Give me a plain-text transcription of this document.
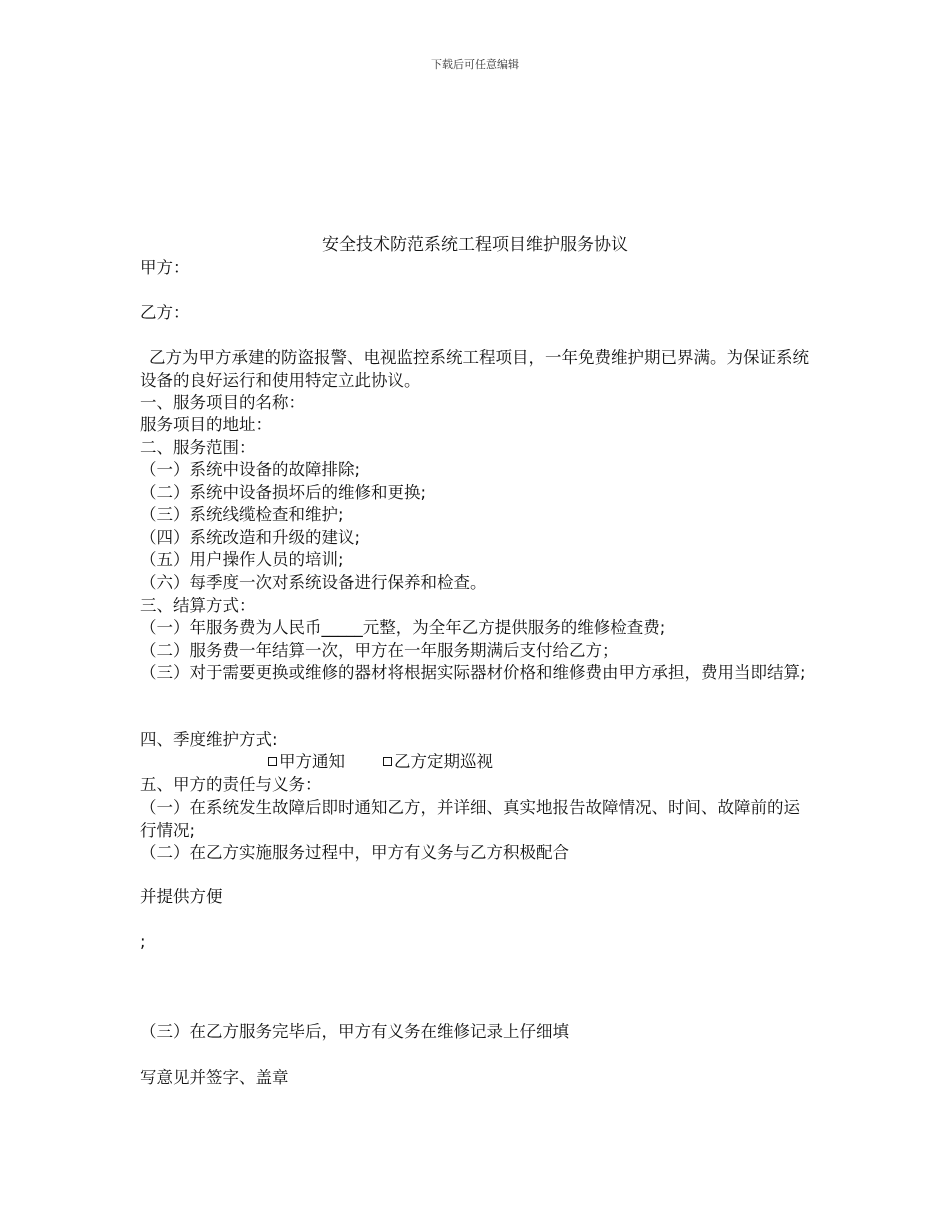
下载后可任意编辑
安全技术防范系统工程项目维护服务协议
甲方：
乙方：
乙方为甲方承建的防盗报警、电视监控系统工程项目，一年免费维护期已界满。为保证系统设备的良好运行和使用特定立此协议。
一、服务项目的名称：
服务项目的地址：
二、服务范围：
（一）系统中设备的故障排除;
（二）系统中设备损坏后的维修和更换;
（三）系统线缆检查和维护;
（四）系统改造和升级的建议;
（五）用户操作人员的培训;
（六）每季度一次对系统设备进行保养和检查。
三、结算方式：
（一）年服务费为人民币_____元整，为全年乙方提供服务的维修检查费;
（二）服务费一年结算一次，甲方在一年服务期满后支付给乙方；
（三）对于需要更换或维修的器材将根据实际器材价格和维修费由甲方承担，费用当即结算;
四、季度维护方式:
甲方通知	乙方定期巡视
五、甲方的责任与义务：
（一）在系统发生故障后即时通知乙方，并详细、真实地报告故障情况、时间、故障前的运行情况;
（二）在乙方实施服务过程中，甲方有义务与乙方积极配合
并提供方便
;
（三）在乙方服务完毕后，甲方有义务在维修记录上仔细填
写意见并签字、盖章
